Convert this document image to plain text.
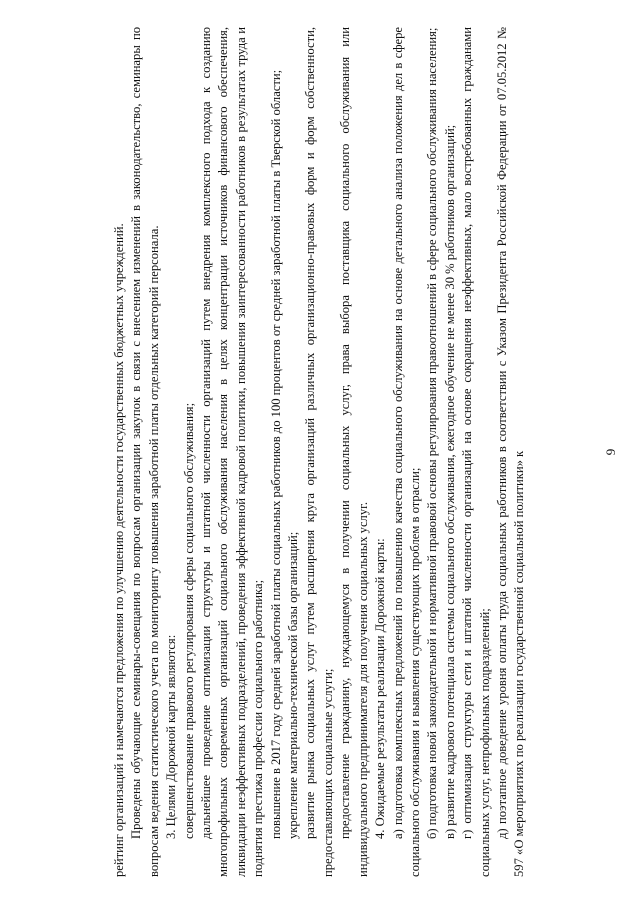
9

рейтинг организаций и намечаются предложения по улучшению деятельности государственных бюджетных учреждений. Проведены обучающие семинары-совещания по вопросам организации закупок в связи с внесением изменений в законодательство, семинары по вопросам ведения статистического учета по мониторингу повышения заработной платы отдельных категорий персонала. 3. Целями Дорожной карты являются: совершенствование правового регулирования сферы социального обслуживания; дальнейшее проведение оптимизации структуры и штатной численности организаций путем внедрения комплексного подхода к созданию многопрофильных современных организаций социального обслуживания населения в целях концентрации источников финансового обеспечения, ликвидации неэффективных подразделений, проведения эффективной кадровой политики, повышения заинтересованности работников в результатах труда и поднятия престижа профессии социального работника; повышение в 2017 году средней заработной платы социальных работников до 100 процентов от средней заработной платы в Тверской области; укрепление материально-технической базы организаций; развитие рынка социальных услуг путем расширения круга организаций различных организационно-правовых форм и форм собственности, предоставляющих социальные услуги; предоставление гражданину, нуждающемуся в получении социальных услуг, права выбора поставщика социального обслуживания или индивидуального предпринимателя для получения социальных услуг. 4. Ожидаемые результаты реализации Дорожной карты: а) подготовка комплексных предложений по повышению качества социального обслуживания на основе детального анализа положения дел в сфере социального обслуживания и выявления существующих проблем в отрасли; б) подготовка новой законодательной и нормативной правовой основы регулирования правоотношений в сфере социального обслуживания населения; в) развитие кадрового потенциала системы социального обслуживания, ежегодное обучение не менее 30 % работников организаций; г) оптимизация структуры сети и штатной численности организаций на основе сокращения неэффективных, мало востребованных гражданами социальных услуг, непрофильных подразделений; д) поэтапное доведение уровня оплаты труда социальных работников в соответствии с Указом Президента Российской Федерации от 07.05.2012 № 597 «О мероприятиях по реализации государственной социальной политики» к
